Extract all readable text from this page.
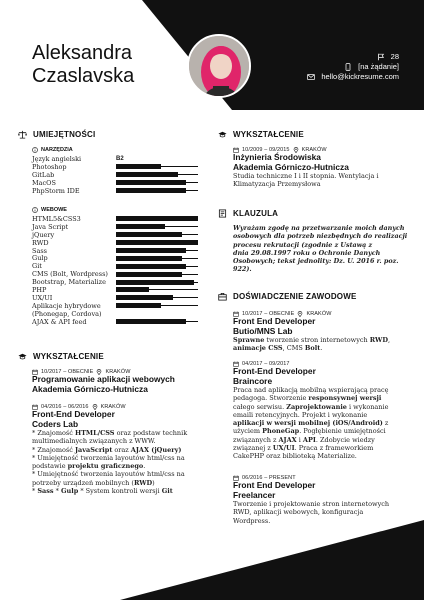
Aleksandra
Czaslavska
28
[na żądanie]
hello@kickresume.com
UMIEJĘTNOŚCI
NARZĘDZIA
Język angielski	B2
Photoshop
GitLab
MacOS
PhpStorm IDE
WEBOWE
HTML5&CSS3
Java Script
jQuery
RWD
Sass
Gulp
Git
CMS (Bolt, Wordpress)
Bootstrap, Materialize
PHP
UX/UI
Aplikacje hybrydowe
(Phonegap, Cordova)
AJAX & API feed
WYKSZTAŁCENIE
10/2017 – OBECNIE KRAKÓW
Programowanie aplikacji webowych
Akademia Górniczo-Hutnicza
04/2016 – 06/2016 KRAKÓW
Front-End Developer
Coders Lab
* Znajomość HTML/CSS oraz podstaw technik
multimedialnych związanych z WWW.
* Znajomość JavaScript oraz AJAX (jQuery)
* Umiejętność tworzenia layoutów html/css na
podstawie projektu graficznego.
* Umiejętność tworzenia layoutów html/css na
potrzeby urządzeń mobilnych (RWD)
* Sass * Gulp * System kontroli wersji Git
WYKSZTAŁCENIE
10/2009 – 09/2015 KRAKÓW
Inżynieria Środowiska
Akademia Górniczo-Hutnicza
Studia techniczne I i II stopnia. Wentylacja i
Klimatyzacja Przemysłowa
KLAUZULA
Wyrażam zgodę na przetwarzanie moich danych
osobowych dla potrzeb niezbędnych do realizacji
procesu rekrutacji (zgodnie z Ustawą z
dnia 29.08.1997 roku o Ochronie Danych
Osobowych; tekst jednolity: Dz. U. 2016 r. poz.
922).
DOŚWIADCZENIE ZAWODOWE
10/2017 – OBECNIE KRAKÓW
Front End Developer
Butio/MNS Lab
Sprawne tworzenie stron internetowych RWD,
animacje CSS, CMS Bolt.
04/2017 – 09/2017
Front-End Developer
Braincore
Praca nad aplikacją mobilną wspierającą pracę
pedagoga. Stworzenie responsywnej wersji
całego serwisu. Zaprojektowanie i wykonanie
emaili retencyjnych. Projekt i wykonanie
aplikacji w wersji mobilnej (iOS/Android) z
użyciem PhoneGap. Pogłębienie umiejętności
związanych z AJAX i API. Zdobycie wiedzy
związanej z UX/UI. Praca z frameworkiem
CakePHP oraz biblioteką Materialize.
06/2016 – PRESENT
Front End Developer
Freelancer
Tworzenie i projektowanie stron internetowych
RWD, aplikacji webowych, konfiguracja
Wordpress.
